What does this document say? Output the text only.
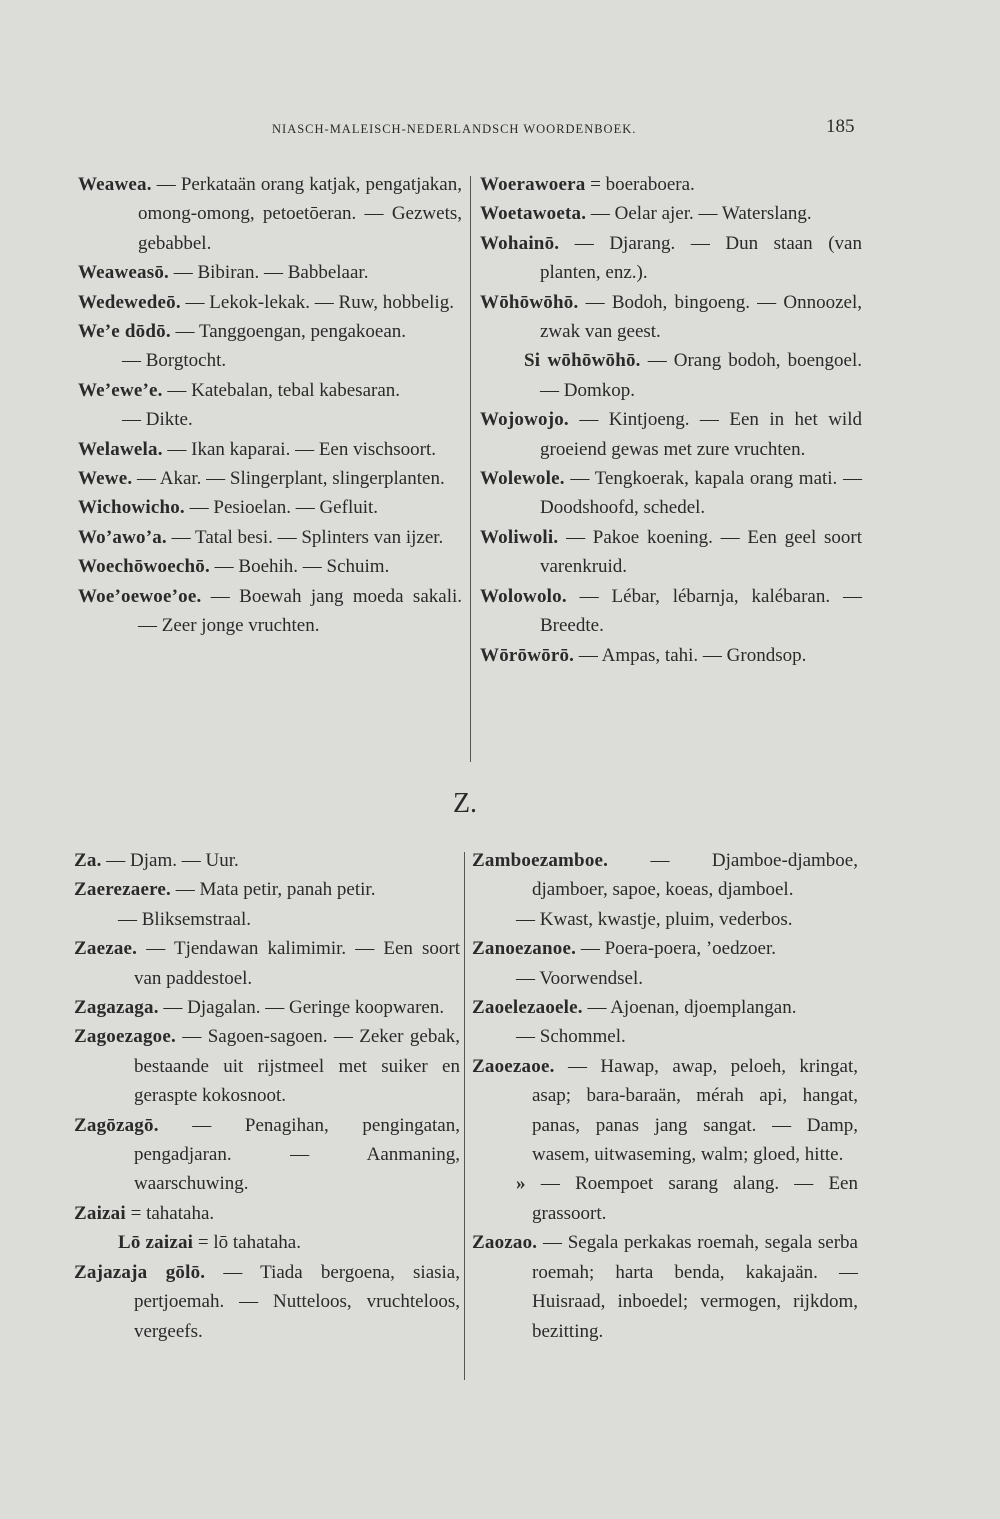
NIASCH-MALEISCH-NEDERLANDSCH WOORDENBOEK.	185

Weawea. — Perkataän orang katjak, pengatjakan, omong-omong, petoetōeran. — Gezwets, gebabbel.

Weaweasō. — Bibiran. — Babbelaar.

Wedewedeō. — Lekok-lekak. — Ruw, hobbelig.

We’e dōdō. — Tanggoengan, pengakoean.

— Borgtocht.

We’ewe’e. — Katebalan, tebal kabesaran.

— Dikte.

Welawela. — Ikan kaparai. — Een vischsoort.

Wewe. — Akar. — Slingerplant, slingerplanten.

Wichowicho. — Pesioelan. — Gefluit.

Wo’awo’a. — Tatal besi. — Splinters van ijzer.

Woechōwoechō. — Boehih. — Schuim.

Woe’oewoe’oe. — Boewah jang moeda sakali. — Zeer jonge vruchten.

Woerawoera = boeraboera.

Woetawoeta. — Oelar ajer. — Waterslang.

Wohainō. — Djarang. — Dun staan (van planten, enz.).

Wōhōwōhō. — Bodoh, bingoeng. — Onnoozel, zwak van geest.

Si wōhōwōhō. — Orang bodoh, boengoel. — Domkop.

Wojowojo. — Kintjoeng. — Een in het wild groeiend gewas met zure vruchten.

Wolewole. — Tengkoerak, kapala orang mati. — Doodshoofd, schedel.

Woliwoli. — Pakoe koening. — Een geel soort varenkruid.

Wolowolo. — Lébar, lébarnja, kalébaran. — Breedte.

Wōrōwōrō. — Ampas, tahi. — Grondsop.

Z.

Za. — Djam. — Uur.

Zaerezaere. — Mata petir, panah petir.

— Bliksemstraal.

Zaezae. — Tjendawan kalimimir. — Een soort van paddestoel.

Zagazaga. — Djagalan. — Geringe koopwaren.

Zagoezagoe. — Sagoen-sagoen. — Zeker gebak, bestaande uit rijstmeel met suiker en geraspte kokosnoot.

Zagōzagō. — Penagihan, pengingatan, pengadjaran. — Aanmaning, waarschuwing.

Zaizai = tahataha.

Lō zaizai = lō tahataha.

Zajazaja gōlō. — Tiada bergoena, siasia, pertjoemah. — Nutteloos, vruchteloos, vergeefs.

Zamboezamboe. — Djamboe-djamboe, djamboer, sapoe, koeas, djamboel.

— Kwast, kwastje, pluim, vederbos.

Zanoezanoe. — Poera-poera, ’oedzoer.

— Voorwendsel.

Zaoelezaoele. — Ajoenan, djoemplangan.

— Schommel.

Zaoezaoe. — Hawap, awap, peloeh, kringat, asap; bara-baraän, mérah api, hangat, panas, panas jang sangat. — Damp, wasem, uitwaseming, walm; gloed, hitte.

» — Roempoet sarang alang. — Een grassoort.

Zaozao. — Segala perkakas roemah, segala serba roemah; harta benda, kakajaän. — Huisraad, inboedel; vermogen, rijkdom, bezitting.
